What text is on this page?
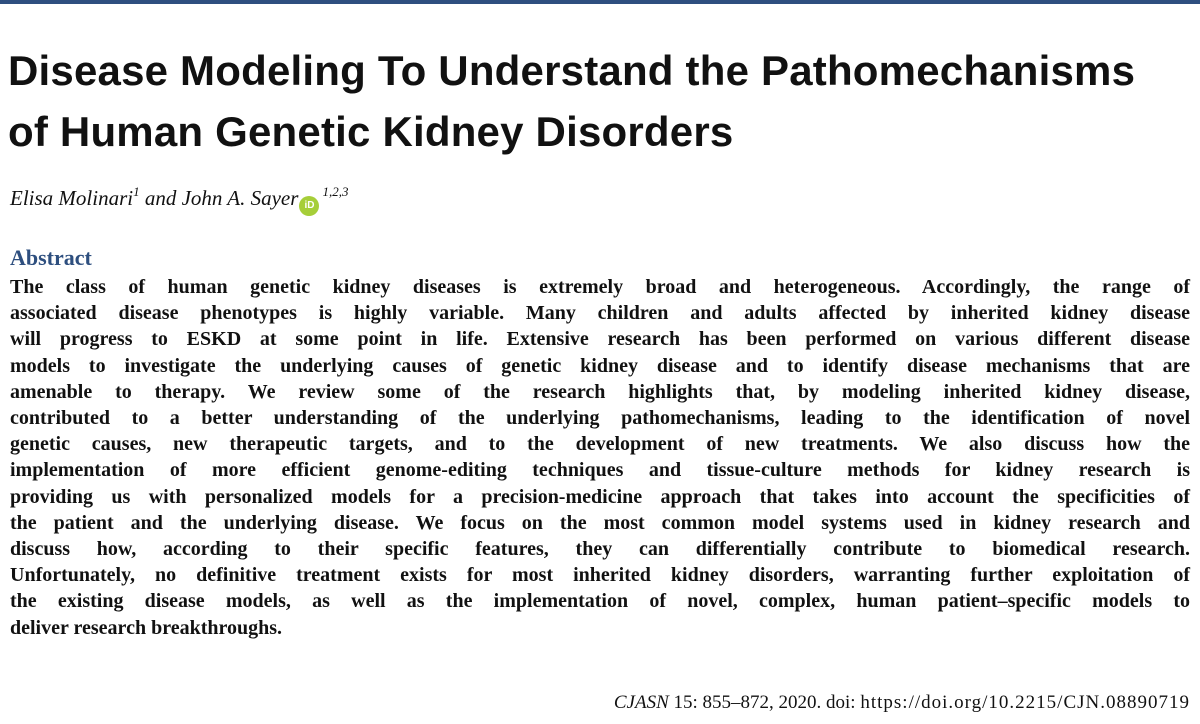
Disease Modeling To Understand the Pathomechanisms
of Human Genetic Kidney Disorders
Elisa Molinari$^1$ and John A. Sayer iD$^{1,2,3}$
Abstract
The class of human genetic kidney diseases is extremely broad and heterogeneous. Accordingly, the range of
associated disease phenotypes is highly variable. Many children and adults affected by inherited kidney disease
will progress to ESKD at some point in life. Extensive research has been performed on various different disease
models to investigate the underlying causes of genetic kidney disease and to identify disease mechanisms that are
amenable to therapy. We review some of the research highlights that, by modeling inherited kidney disease,
contributed to a better understanding of the underlying pathomechanisms, leading to the identification of novel
genetic causes, new therapeutic targets, and to the development of new treatments. We also discuss how the
implementation of more efficient genome-editing techniques and tissue-culture methods for kidney research is
providing us with personalized models for a precision-medicine approach that takes into account the specificities of
the patient and the underlying disease. We focus on the most common model systems used in kidney research and
discuss how, according to their specific features, they can differentially contribute to biomedical research.
Unfortunately, no definitive treatment exists for most inherited kidney disorders, warranting further exploitation of
the existing disease models, as well as the implementation of novel, complex, human patient–specific models to
deliver research breakthroughs.
CJASN 15: 855–872, 2020. doi: https://doi.org/10.2215/CJN.08890719
